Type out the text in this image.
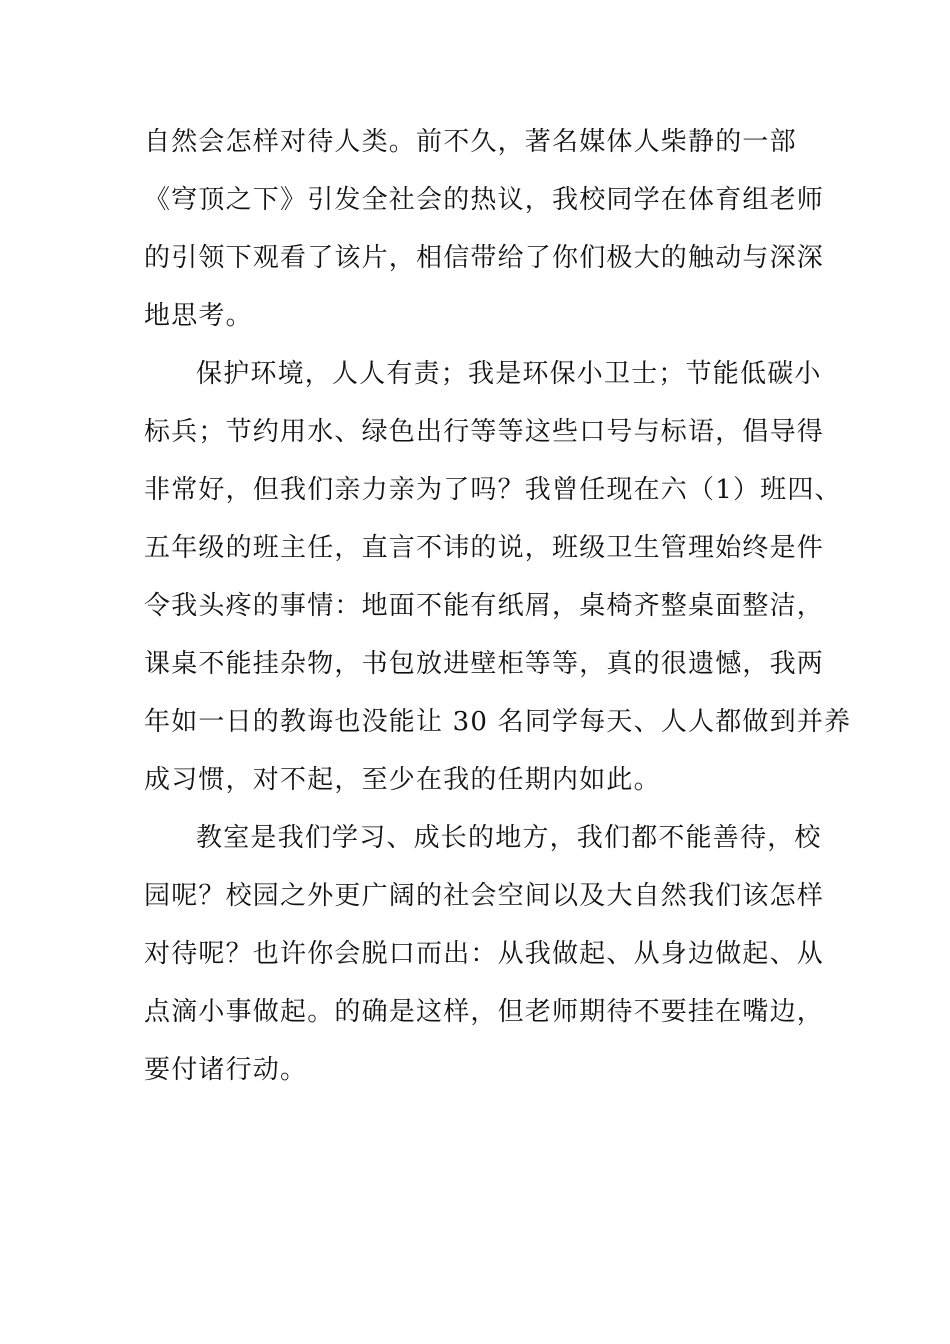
自然会怎样对待人类。前不久，著名媒体人柴静的一部
《穹顶之下》引发全社会的热议，我校同学在体育组老师
的引领下观看了该片，相信带给了你们极大的触动与深深
地思考。
保护环境，人人有责；我是环保小卫士；节能低碳小
标兵；节约用水、绿色出行等等这些口号与标语，倡导得
非常好，但我们亲力亲为了吗？我曾任现在六（1）班四、
五年级的班主任，直言不讳的说，班级卫生管理始终是件
令我头疼的事情：地面不能有纸屑，桌椅齐整桌面整洁，
课桌不能挂杂物，书包放进壁柜等等，真的很遗憾，我两
年如一日的教诲也没能让 30 名同学每天、人人都做到并养
成习惯，对不起，至少在我的任期内如此。
教室是我们学习、成长的地方，我们都不能善待，校
园呢？校园之外更广阔的社会空间以及大自然我们该怎样
对待呢？也许你会脱口而出：从我做起、从身边做起、从
点滴小事做起。的确是这样，但老师期待不要挂在嘴边，
要付诸行动。
